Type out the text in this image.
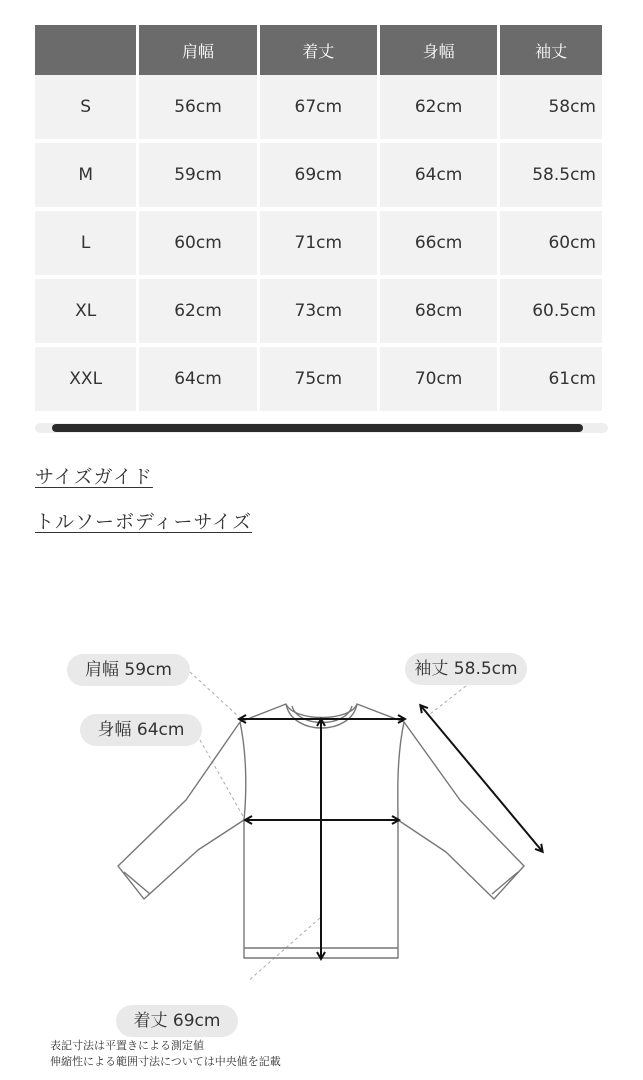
	肩幅	着丈	身幅	袖丈
S	56cm	67cm	62cm	58cm
M	59cm	69cm	64cm	58.5cm
L	60cm	71cm	66cm	60cm
XL	62cm	73cm	68cm	60.5cm
XXL	64cm	75cm	70cm	61cm
サイズガイド
トルソーボディーサイズ
肩幅 59cm
身幅 64cm
袖丈 58.5cm
着丈 69cm
表記寸法は平置きによる測定値
伸縮性による範囲寸法については中央値を記載
